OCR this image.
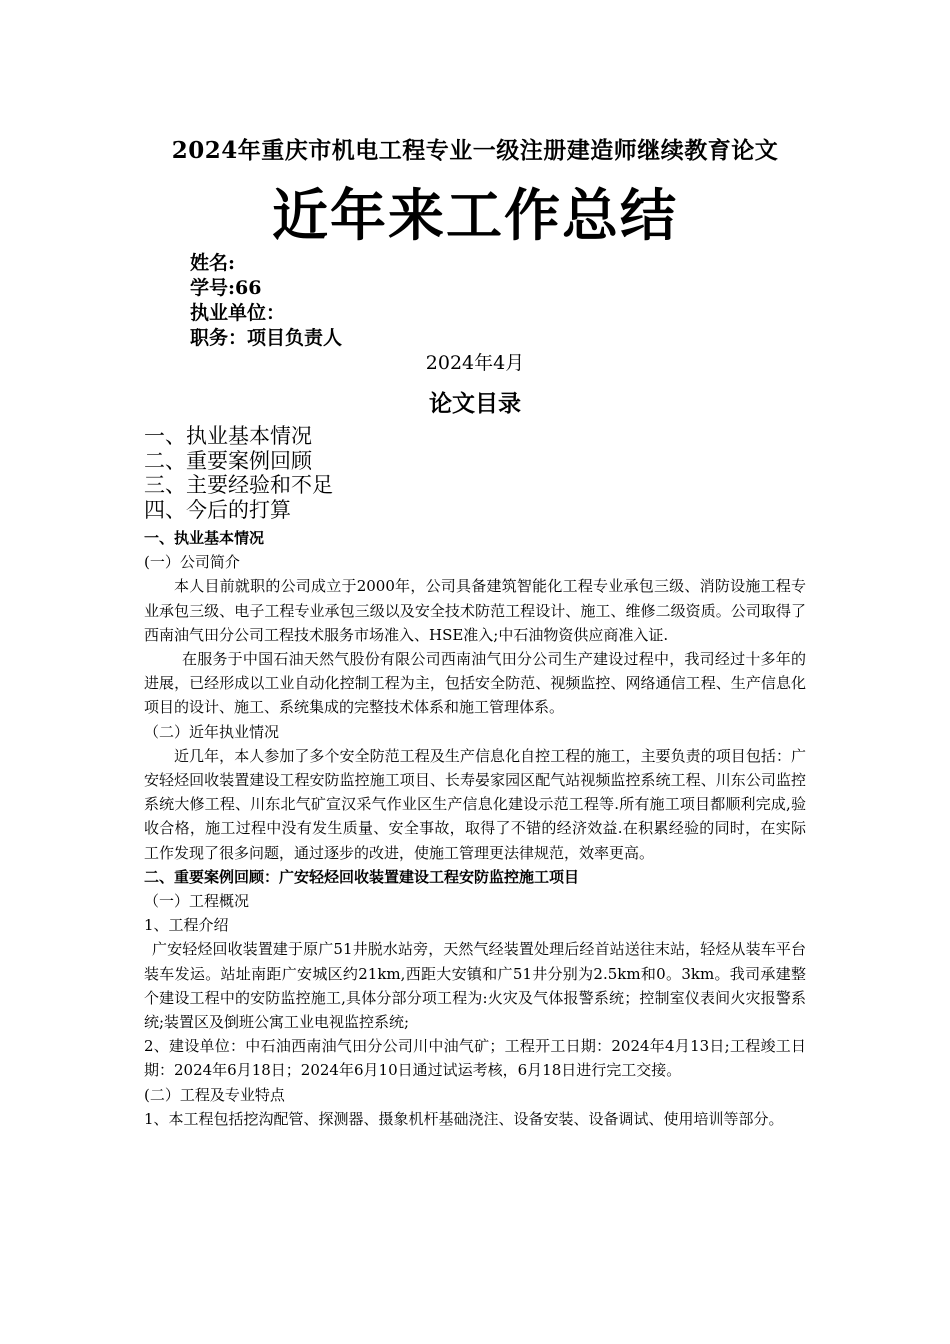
2024年重庆市机电工程专业一级注册建造师继续教育论文
近年来工作总结
姓名:
学号:66
执业单位：
职务：项目负责人
2024年4月
论文目录
一、执业基本情况
二、重要案例回顾
三、主要经验和不足
四、今后的打算
一、执业基本情况
(一）公司简介
本人目前就职的公司成立于2000年，公司具备建筑智能化工程专业承包三级、消防设施工程专业承包三级、电子工程专业承包三级以及安全技术防范工程设计、施工、维修二级资质。公司取得了西南油气田分公司工程技术服务市场准入、HSE准入;中石油物资供应商准入证.
在服务于中国石油天然气股份有限公司西南油气田分公司生产建设过程中，我司经过十多年的进展，已经形成以工业自动化控制工程为主，包括安全防范、视频监控、网络通信工程、生产信息化项目的设计、施工、系统集成的完整技术体系和施工管理体系。
（二）近年执业情况
近几年，本人参加了多个安全防范工程及生产信息化自控工程的施工，主要负责的项目包括：广安轻烃回收装置建设工程安防监控施工项目、长寿晏家园区配气站视频监控系统工程、川东公司监控系统大修工程、川东北气矿宣汉采气作业区生产信息化建设示范工程等.所有施工项目都顺利完成,验收合格，施工过程中没有发生质量、安全事故，取得了不错的经济效益.在积累经验的同时，在实际工作发现了很多问题，通过逐步的改进，使施工管理更法律规范，效率更高。
二、重要案例回顾：广安轻烃回收装置建设工程安防监控施工项目
（一）工程概况
1、工程介绍
广安轻烃回收装置建于原广51井脱水站旁，天然气经装置处理后经首站送往末站，轻烃从装车平台装车发运。站址南距广安城区约21km,西距大安镇和广51井分别为2.5km和0。3km。我司承建整个建设工程中的安防监控施工,具体分部分项工程为:火灾及气体报警系统；控制室仪表间火灾报警系统;装置区及倒班公寓工业电视监控系统;
2、建设单位：中石油西南油气田分公司川中油气矿；工程开工日期：2024年4月13日;工程竣工日期：2024年6月18日；2024年6月10日通过试运考核，6月18日进行完工交接。
(二）工程及专业特点
1、本工程包括挖沟配管、探测器、摄象机杆基础浇注、设备安装、设备调试、使用培训等部分。
